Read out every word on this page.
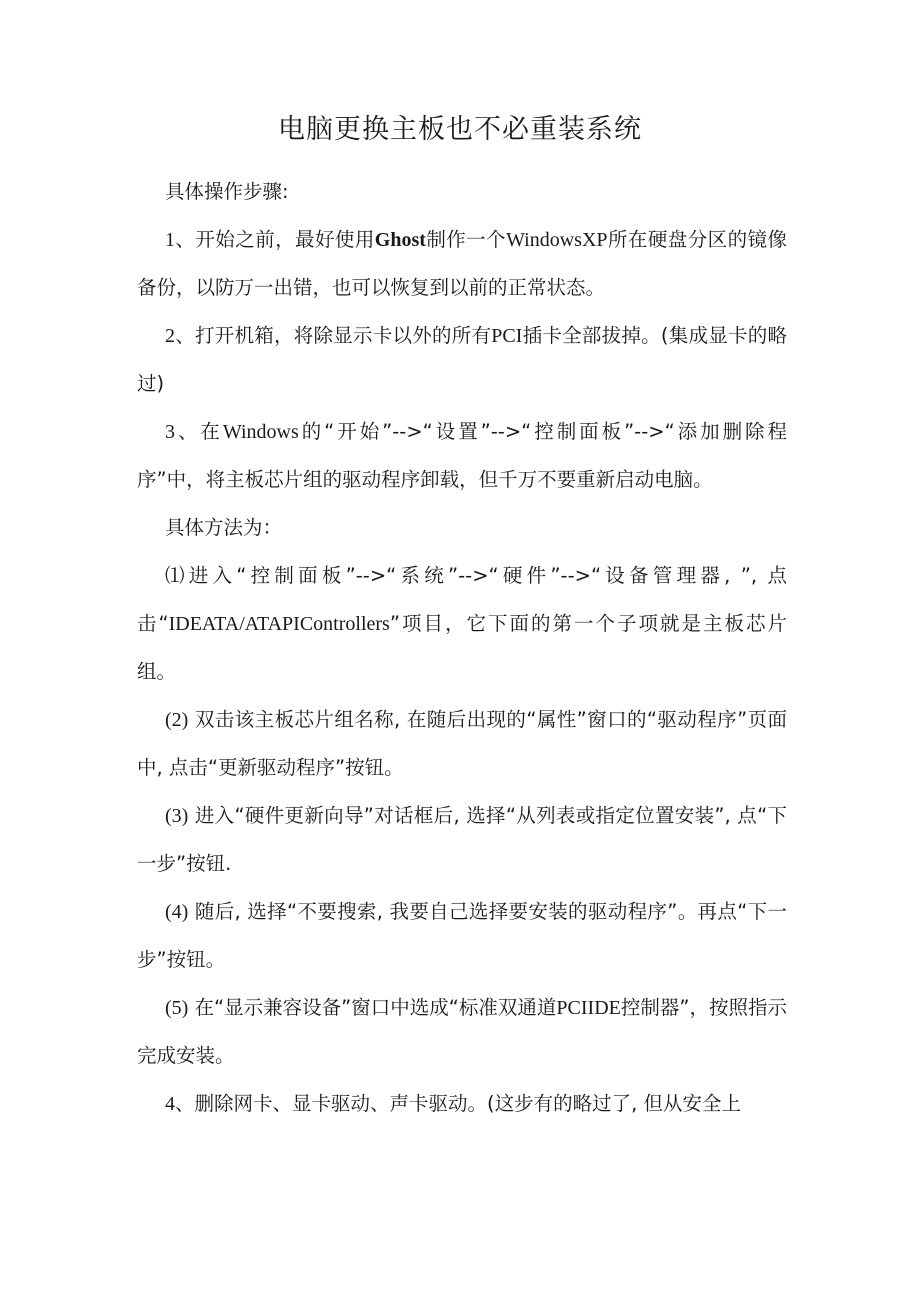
电脑更换主板也不必重装系统

具体操作步骤:

1、开始之前，最好使用Ghost制作一个WindowsXP所在硬盘分区的镜像备份，以防万一出错，也可以恢复到以前的正常状态。

2、打开机箱，将除显示卡以外的所有PCI插卡全部拔掉。(集成显卡的略过)

3、在Windows的“开始”-->“设置”-->“控制面板”-->“添加删除程序”中，将主板芯片组的驱动程序卸载，但千万不要重新启动电脑。

具体方法为：

⑴进入“控制面板”-->“系统”-->“硬件”-->“设备管理器, ”, 点击“IDEATA/ATAPIControllers”项目，它下面的第一个子项就是主板芯片组。

(2) 双击该主板芯片组名称, 在随后出现的“属性”窗口的“驱动程序”页面中, 点击“更新驱动程序”按钮。

(3) 进入“硬件更新向导”对话框后, 选择“从列表或指定位置安装”, 点“下一步”按钮.

(4) 随后, 选择“不要搜索, 我要自己选择要安装的驱动程序”。再点“下一步”按钮。

(5) 在“显示兼容设备”窗口中选成“标准双通道PCIIDE控制器”，按照指示完成安装。

4、删除网卡、显卡驱动、声卡驱动。(这步有的略过了, 但从安全上
